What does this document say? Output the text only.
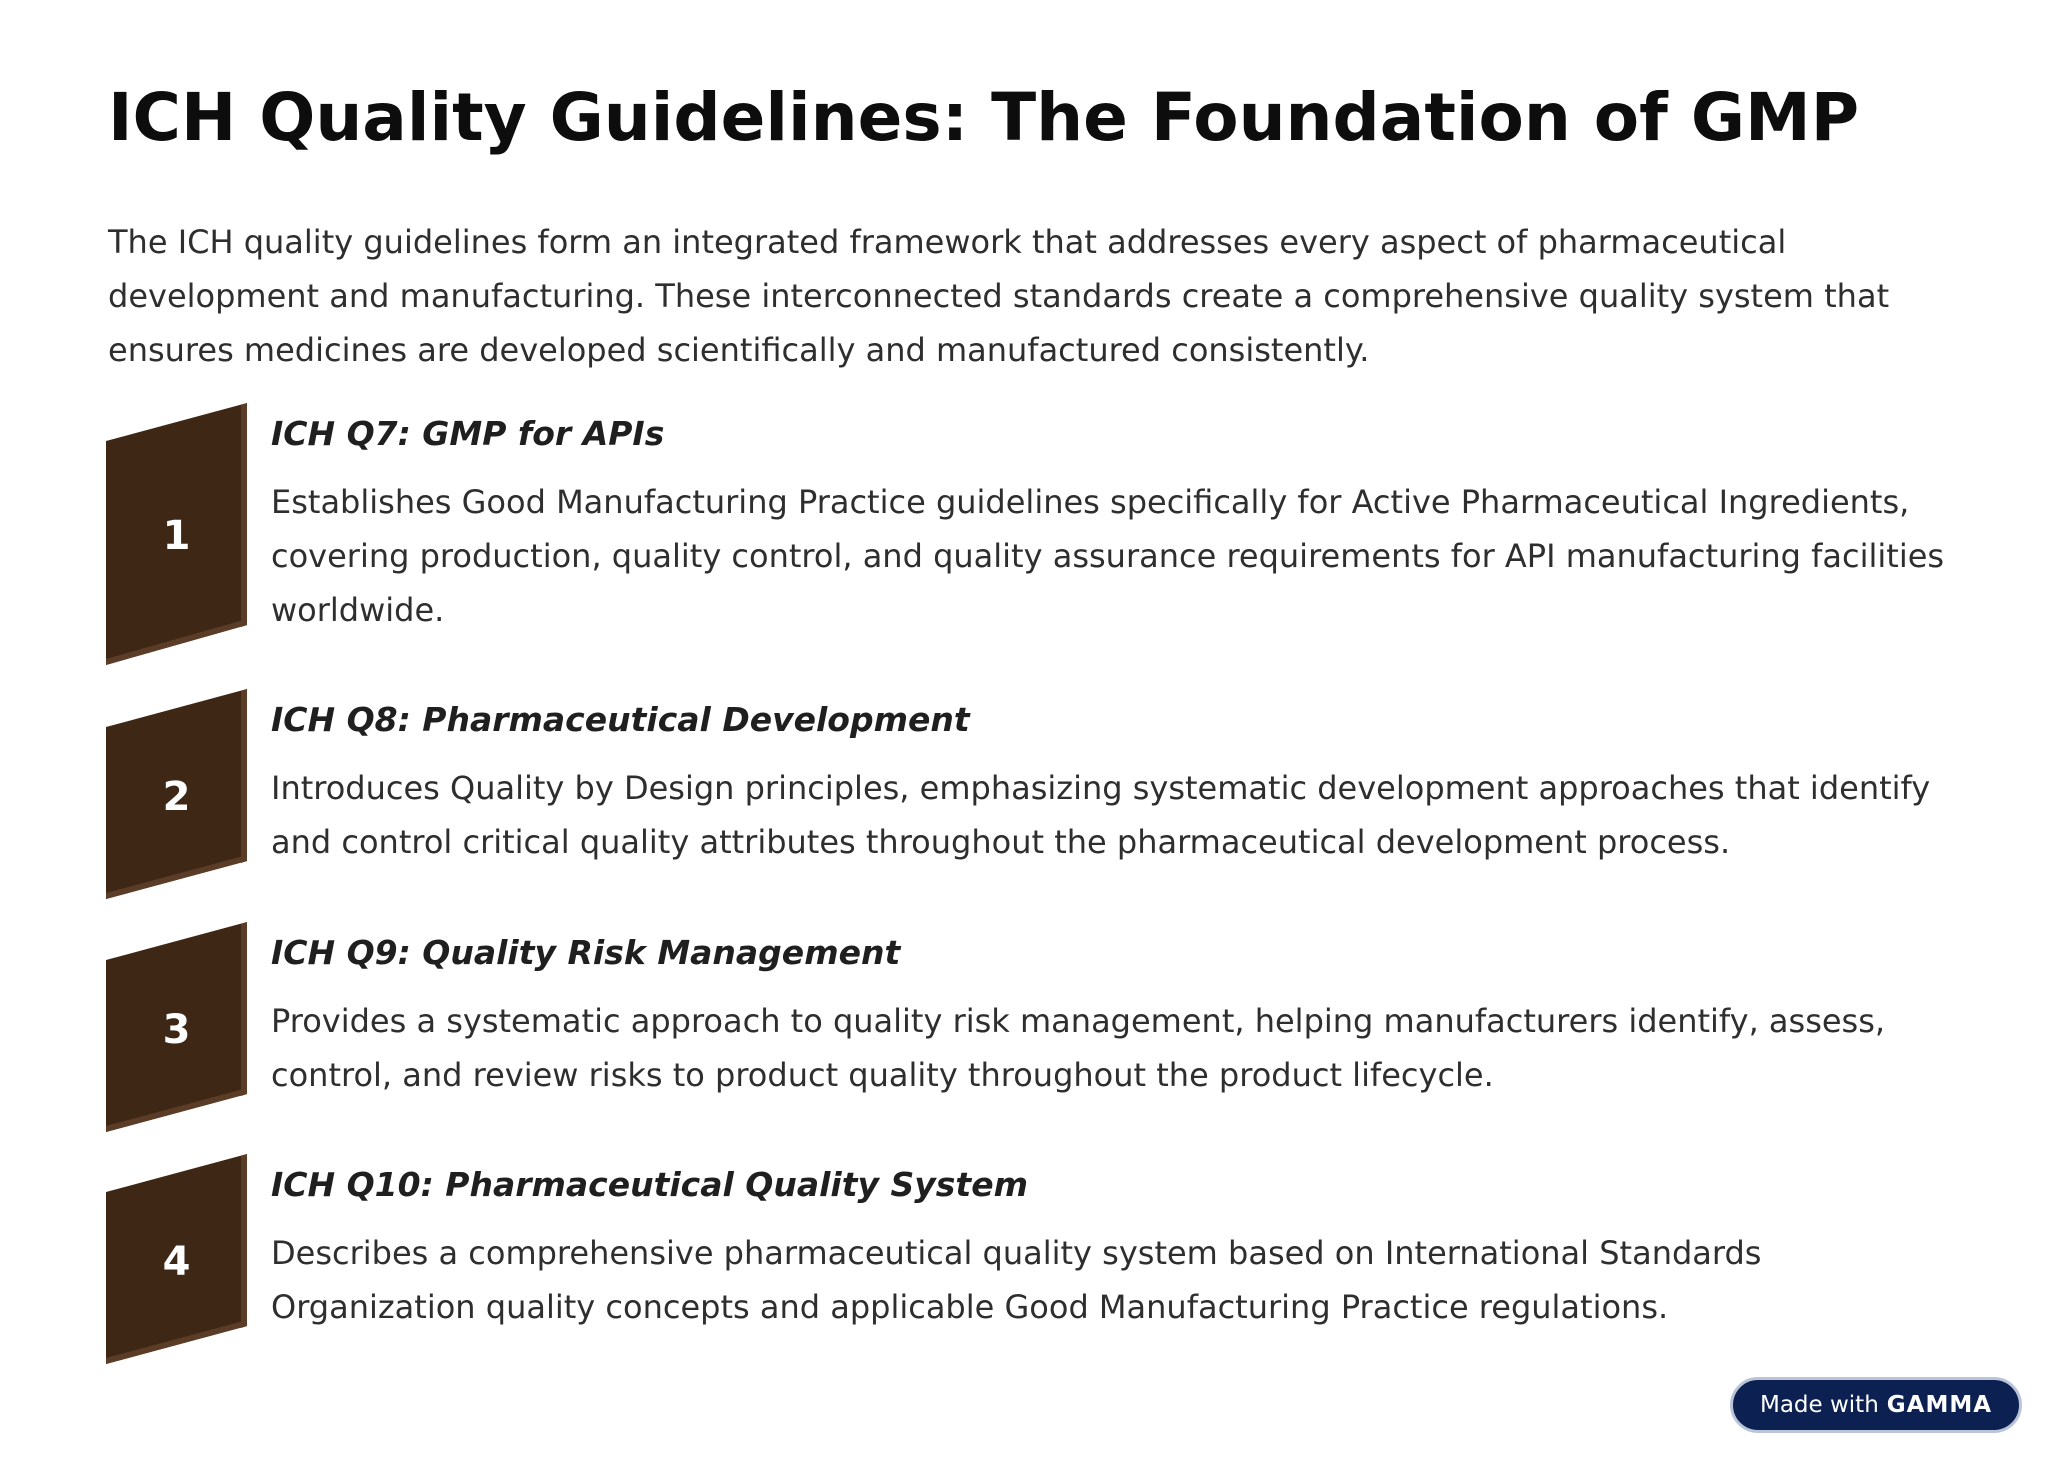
ICH Quality Guidelines: The Foundation of GMP

The ICH quality guidelines form an integrated framework that addresses every aspect of pharmaceutical development and manufacturing. These interconnected standards create a comprehensive quality system that ensures medicines are developed scientifically and manufactured consistently.

1
ICH Q7: GMP for APIs

Establishes Good Manufacturing Practice guidelines specifically for Active Pharmaceutical Ingredients, covering production, quality control, and quality assurance requirements for API manufacturing facilities worldwide.

2
ICH Q8: Pharmaceutical Development

Introduces Quality by Design principles, emphasizing systematic development approaches that identify and control critical quality attributes throughout the pharmaceutical development process.

3
ICH Q9: Quality Risk Management

Provides a systematic approach to quality risk management, helping manufacturers identify, assess, control, and review risks to product quality throughout the product lifecycle.

4
ICH Q10: Pharmaceutical Quality System

Describes a comprehensive pharmaceutical quality system based on International Standards Organization quality concepts and applicable Good Manufacturing Practice regulations.

Made with GAMMA
